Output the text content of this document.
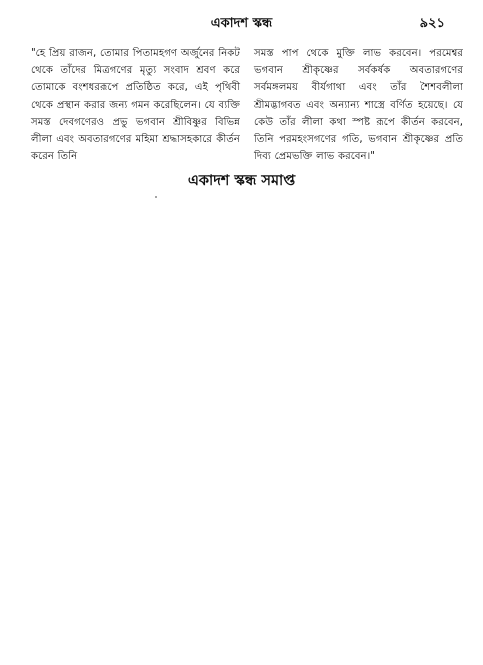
একাদশ স্কন্ধ	৯২১
"হে প্রিয় রাজন, তোমার পিতামহগণ অর্জুনের নিকট থেকে তাঁদের মিত্রগণের মৃত্যু সংবাদ শ্রবণ করে তোমাকে বংশধররূপে প্রতিষ্ঠিত করে, এই পৃথিবী থেকে প্রস্থান করার জন্য গমন করেছিলেন। যে ব্যক্তি সমস্ত দেবগণেরও প্রভু ভগবান শ্রীবিষ্ণুর বিভিন্ন লীলা এবং অবতারগণের মহিমা শ্রদ্ধাসহকারে কীর্তন করেন তিনি
সমস্ত পাপ থেকে মুক্তি লাভ করবেন। পরমেশ্বর ভগবান শ্রীকৃষ্ণের সর্বকর্ষক অবতারগণের সর্বমঙ্গলময় বীর্যগাথা এবং তাঁর শৈশবলীলা শ্রীমদ্ভাগবত এবং অন্যান্য শাস্ত্রে বর্ণিত হয়েছে। যে কেউ তাঁর লীলা কথা স্পষ্ট রূপে কীর্তন করবেন, তিনি পরমহংসগণের গতি, ভগবান শ্রীকৃষ্ণের প্রতি দিব্য প্রেমভক্তি লাভ করবেন।"
একাদশ স্কন্ধ সমাপ্ত
